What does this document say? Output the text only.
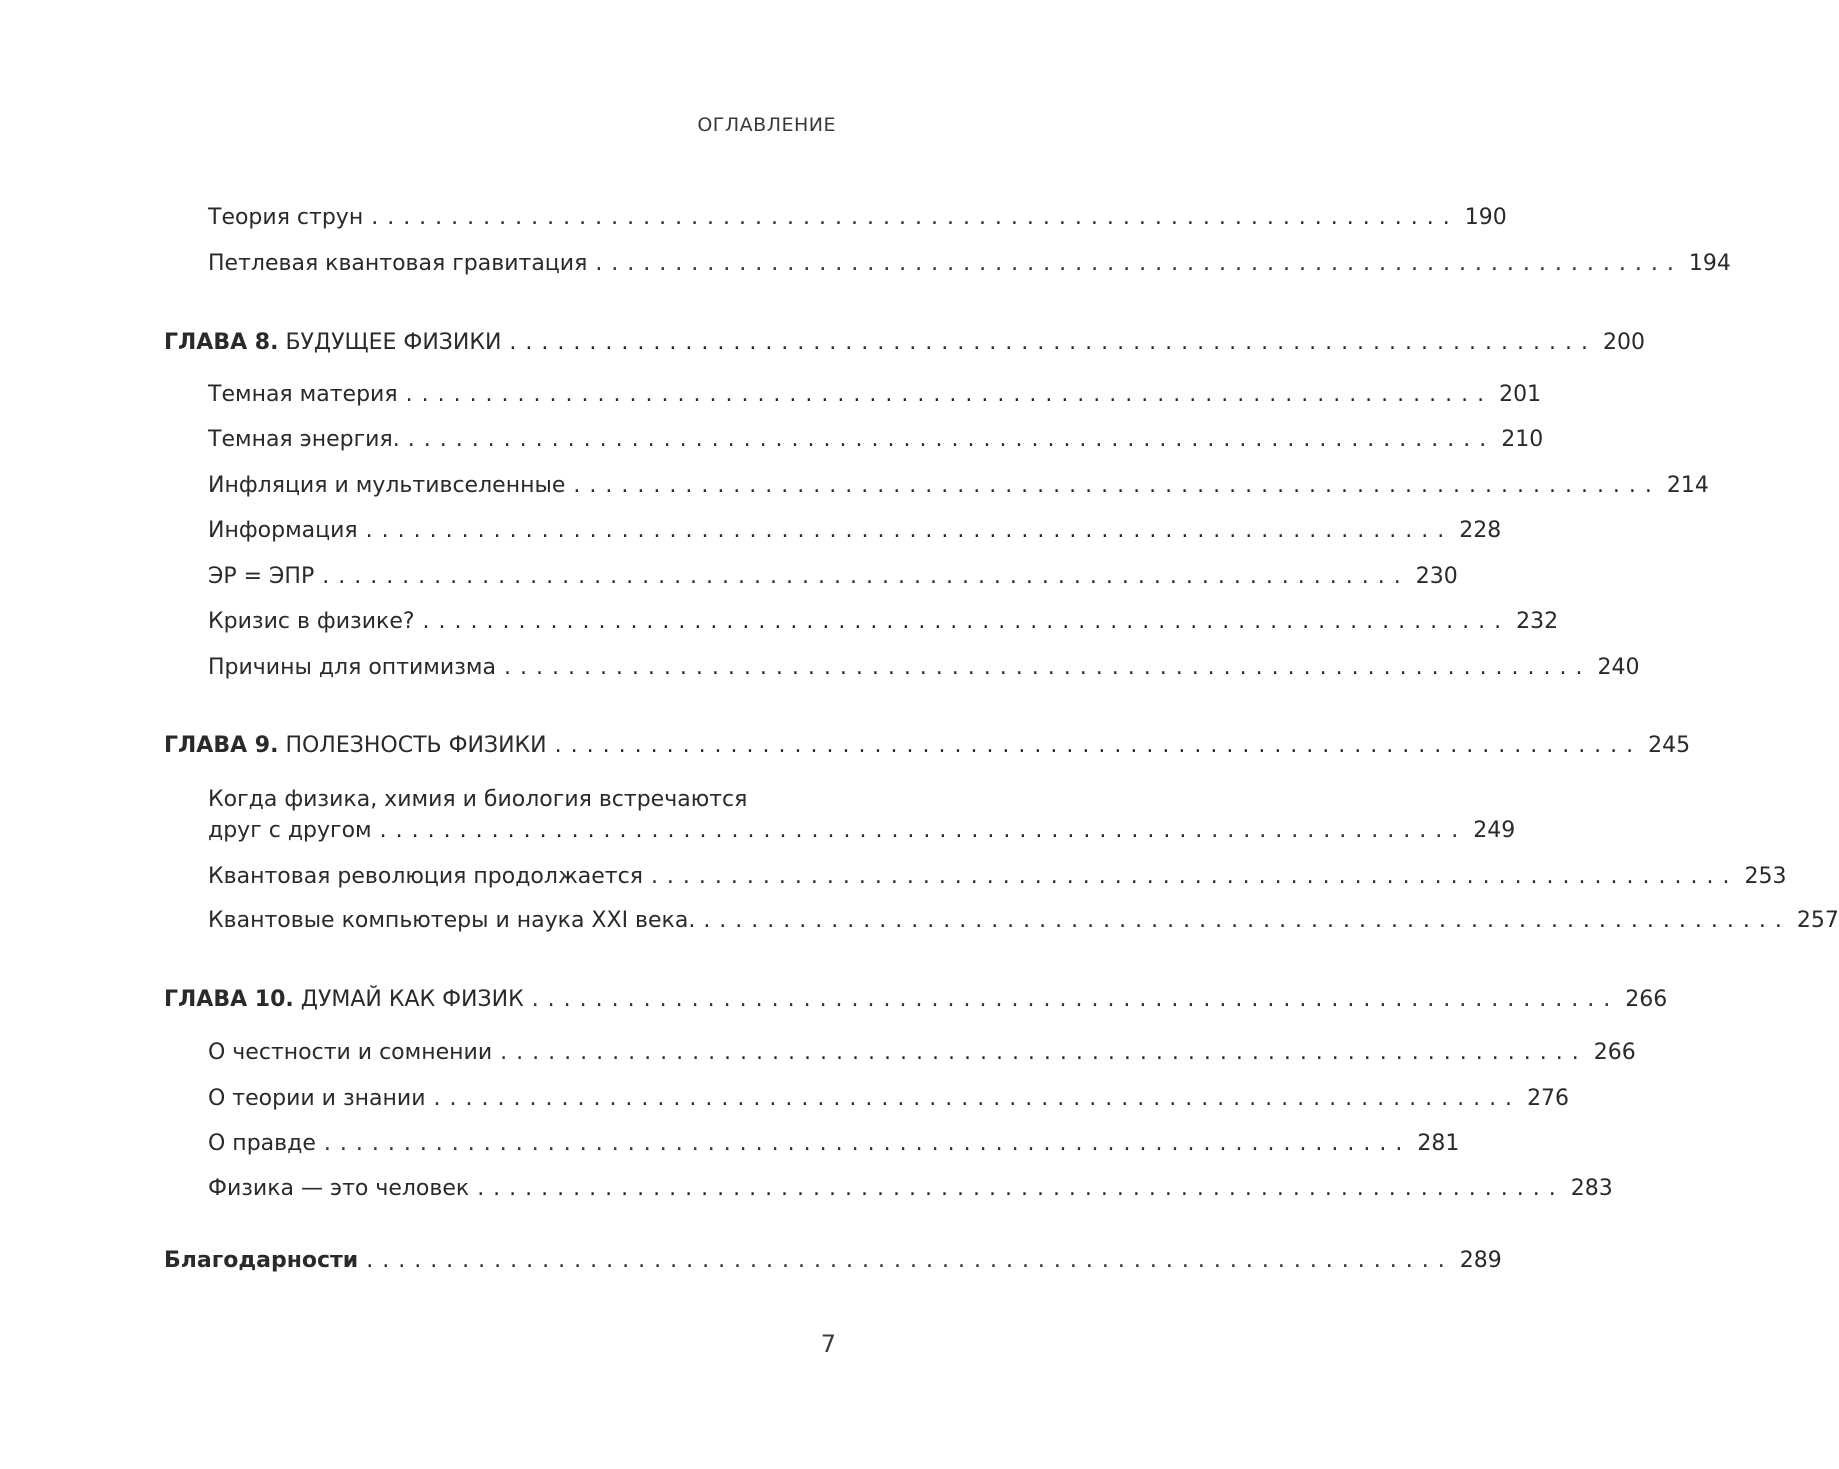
ОГЛАВЛЕНИЕ
Теория струн .................................................................... 190
Петлевая квантовая гравитация .................................................................... 194
ГЛАВА 8. БУДУЩЕЕ ФИЗИКИ .................................................................... 200
Темная материя .................................................................... 201
Темная энергия. .................................................................... 210
Инфляция и мультивселенные .................................................................... 214
Информация .................................................................... 228
ЭР = ЭПР .................................................................... 230
Кризис в физике? .................................................................... 232
Причины для оптимизма .................................................................... 240
ГЛАВА 9. ПОЛЕЗНОСТЬ ФИЗИКИ .................................................................... 245
Когда физика, химия и биология встречаются
друг с другом .................................................................... 249
Квантовая революция продолжается .................................................................... 253
Квантовые компьютеры и наука XXI века. .................................................................... 257
ГЛАВА 10. ДУМАЙ КАК ФИЗИК .................................................................... 266
О честности и сомнении .................................................................... 266
О теории и знании .................................................................... 276
О правде .................................................................... 281
Физика — это человек .................................................................... 283
Благодарности .................................................................... 289
7
